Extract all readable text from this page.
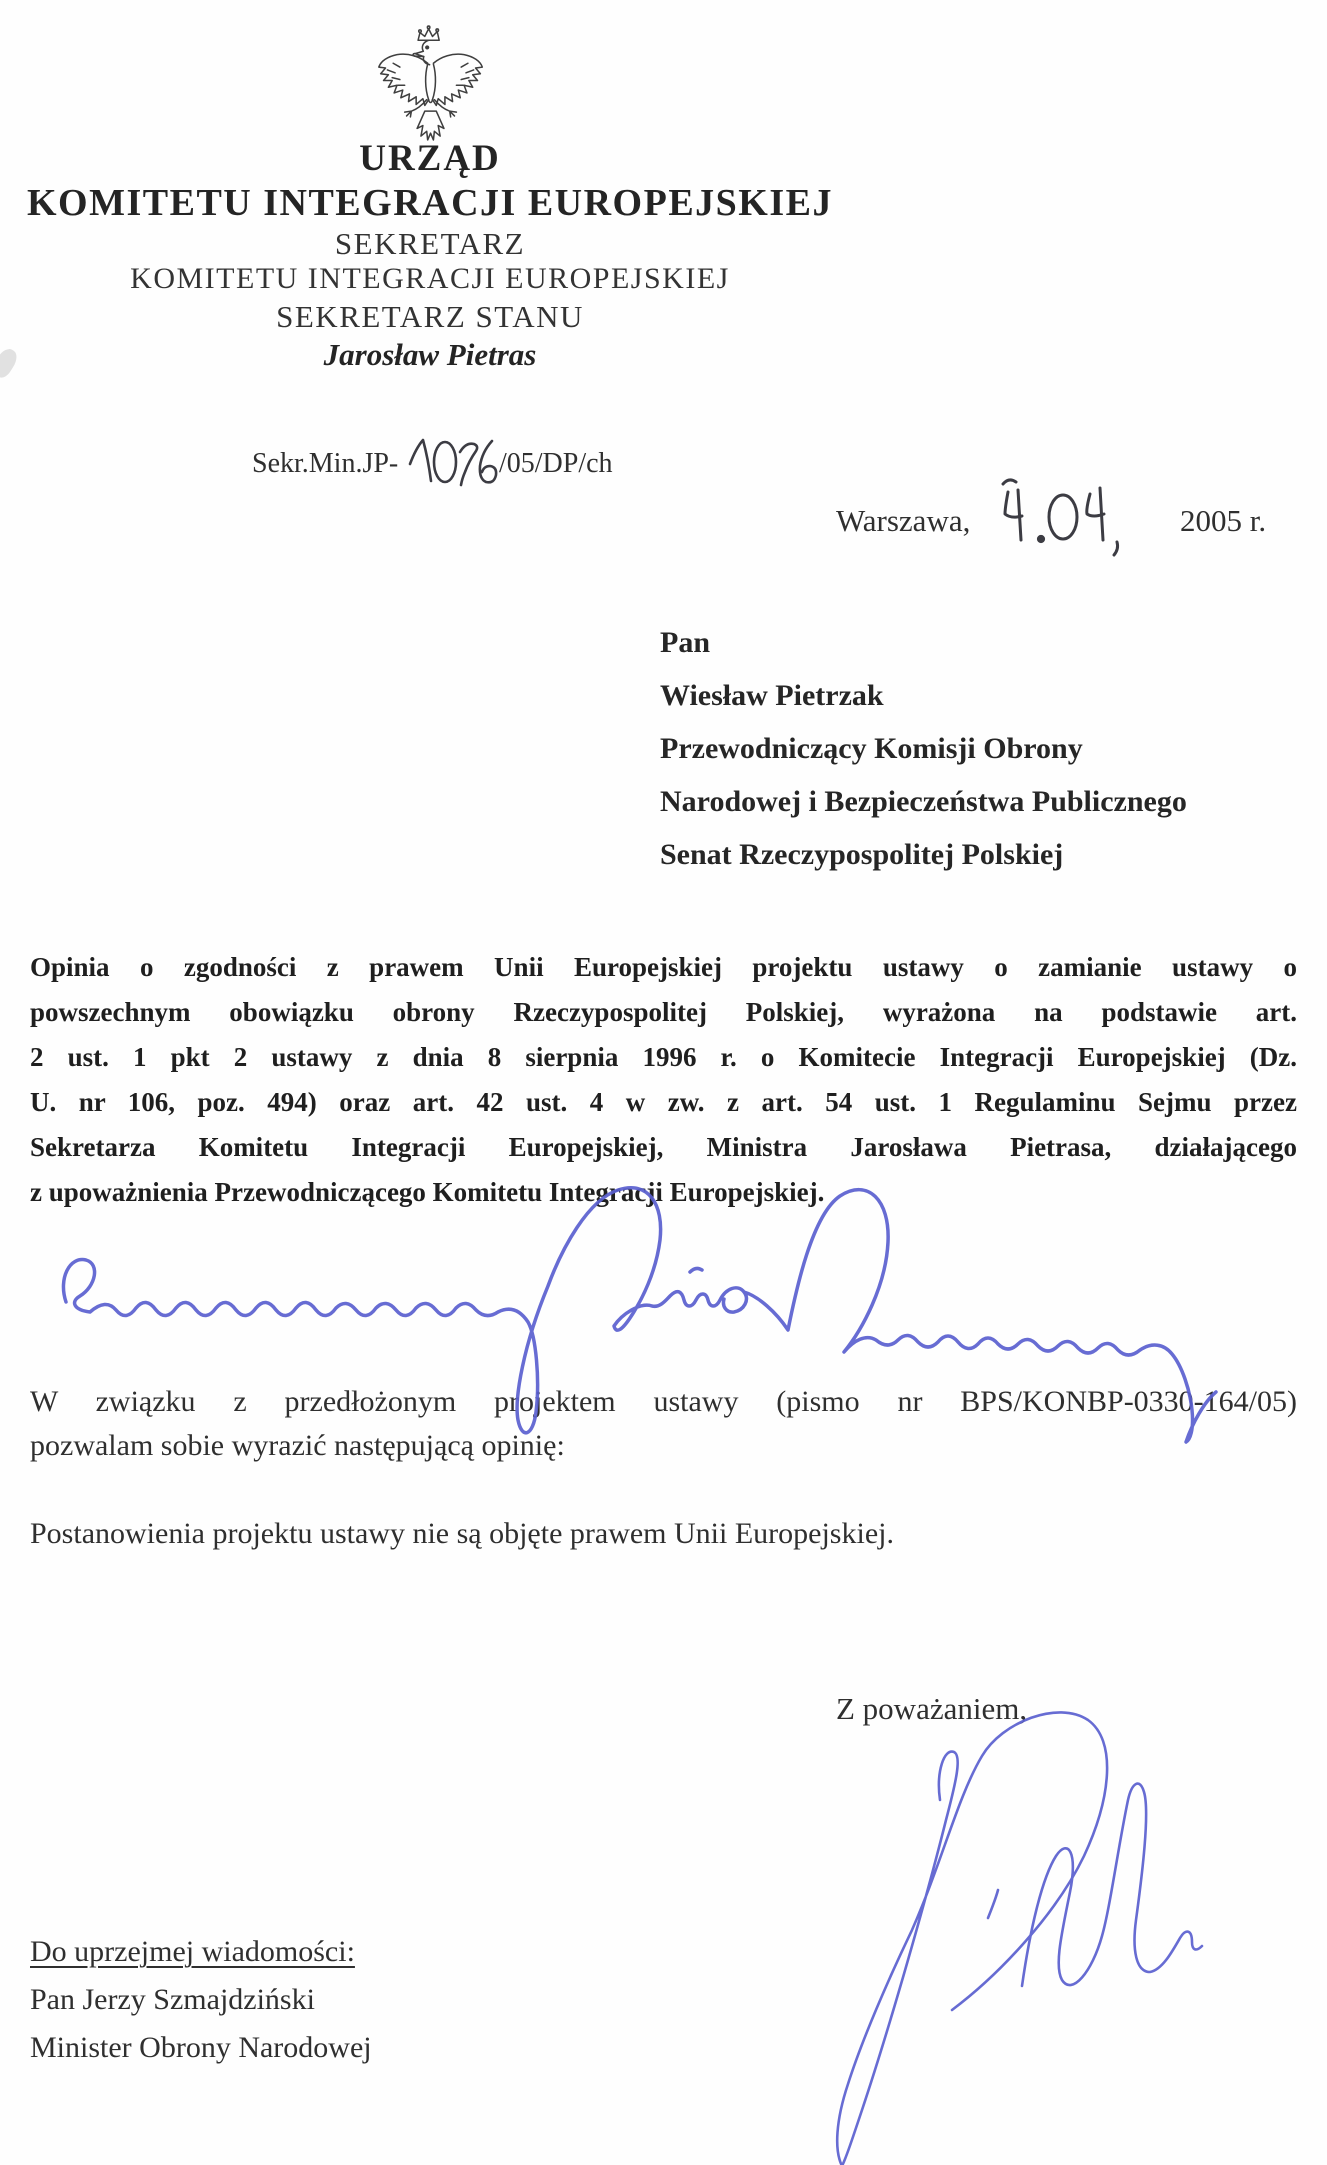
URZĄD
KOMITETU INTEGRACJI EUROPEJSKIEJ
SEKRETARZ
KOMITETU INTEGRACJI EUROPEJSKIEJ
SEKRETARZ STANU
Jarosław Pietras
Sekr.Min.JP-	/05/DP/ch
Warszawa,	2005 r.
Pan
Wiesław Pietrzak
Przewodniczący Komisji Obrony
Narodowej i Bezpieczeństwa Publicznego
Senat Rzeczypospolitej Polskiej
Opinia o zgodności z prawem Unii Europejskiej projektu ustawy o zamianie ustawy o
powszechnym obowiązku obrony Rzeczypospolitej Polskiej, wyrażona na podstawie art.
2 ust. 1 pkt 2 ustawy z dnia 8 sierpnia 1996 r. o Komitecie Integracji Europejskiej (Dz.
U. nr 106, poz. 494) oraz art. 42 ust. 4 w zw. z art. 54 ust. 1 Regulaminu Sejmu przez
Sekretarza Komitetu Integracji Europejskiej, Ministra Jarosława Pietrasa, działającego
z upoważnienia Przewodniczącego Komitetu Integracji Europejskiej.
W związku z przedłożonym projektem ustawy (pismo nr BPS/KONBP-0330-164/05)
pozwalam sobie wyrazić następującą opinię:
Postanowienia projektu ustawy nie są objęte prawem Unii Europejskiej.
Z poważaniem,
Do uprzejmej wiadomości:
Pan Jerzy Szmajdziński
Minister Obrony Narodowej
